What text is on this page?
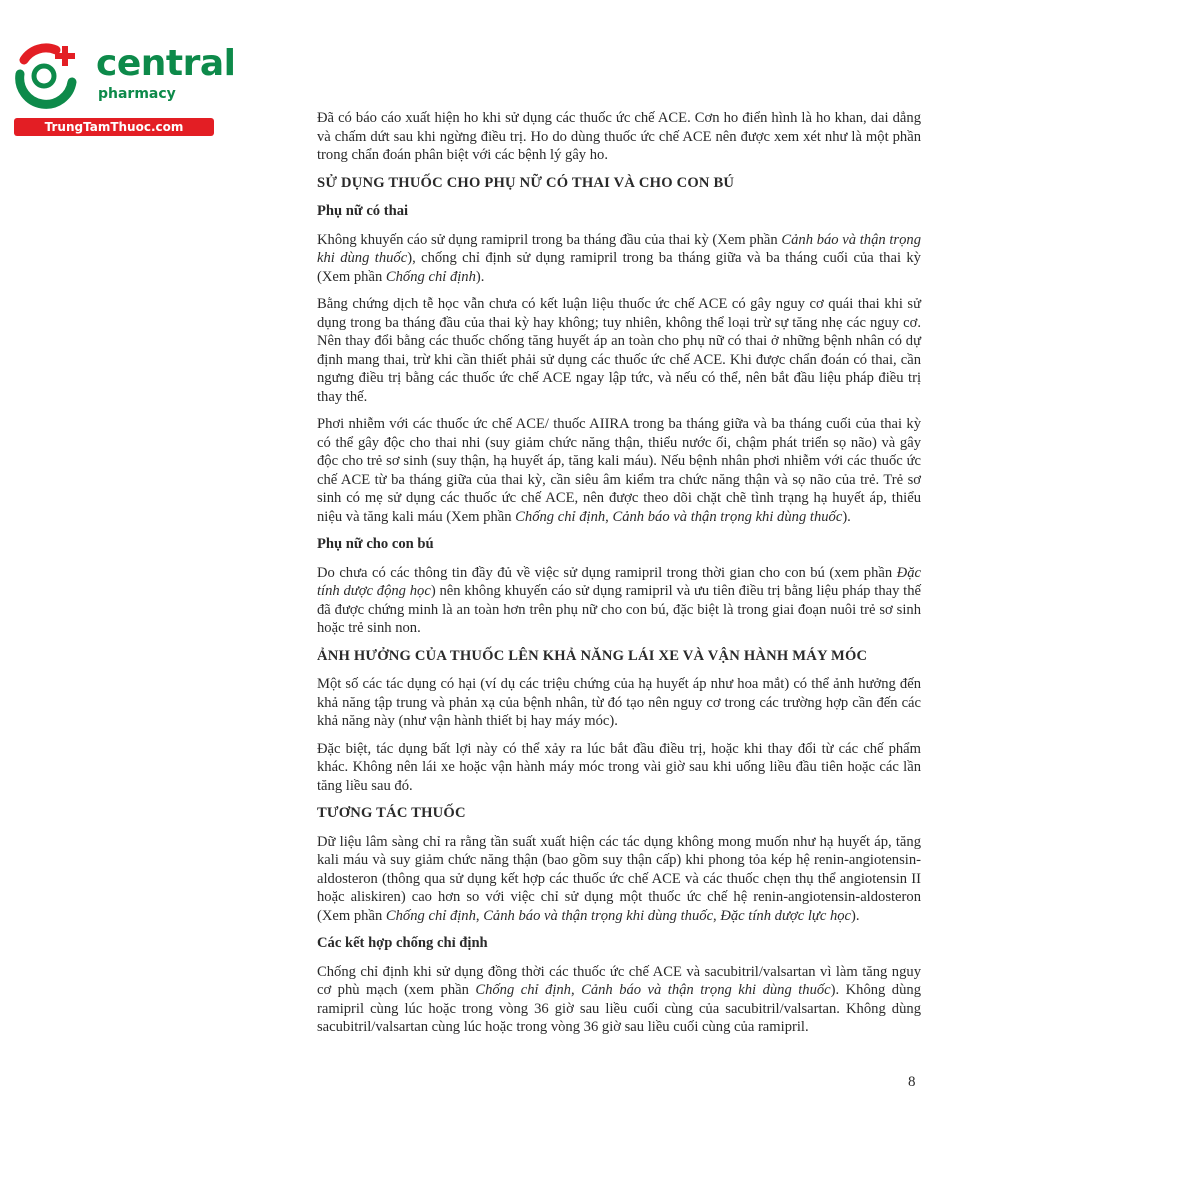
central
pharmacy
TrungTamThuoc.com

Đã có báo cáo xuất hiện ho khi sử dụng các thuốc ức chế ACE. Cơn ho điển hình là ho khan, dai dẳng và chấm dứt sau khi ngừng điều trị. Ho do dùng thuốc ức chế ACE nên được xem xét như là một phần trong chẩn đoán phân biệt với các bệnh lý gây ho.

SỬ DỤNG THUỐC CHO PHỤ NỮ CÓ THAI VÀ CHO CON BÚ
Phụ nữ có thai

Không khuyến cáo sử dụng ramipril trong ba tháng đầu của thai kỳ (Xem phần Cảnh báo và thận trọng khi dùng thuốc), chống chỉ định sử dụng ramipril trong ba tháng giữa và ba tháng cuối của thai kỳ (Xem phần Chống chỉ định).

Bằng chứng dịch tễ học vẫn chưa có kết luận liệu thuốc ức chế ACE có gây nguy cơ quái thai khi sử dụng trong ba tháng đầu của thai kỳ hay không; tuy nhiên, không thể loại trừ sự tăng nhẹ các nguy cơ. Nên thay đổi bằng các thuốc chống tăng huyết áp an toàn cho phụ nữ có thai ở những bệnh nhân có dự định mang thai, trừ khi cần thiết phải sử dụng các thuốc ức chế ACE. Khi được chẩn đoán có thai, cần ngưng điều trị bằng các thuốc ức chế ACE ngay lập tức, và nếu có thể, nên bắt đầu liệu pháp điều trị thay thế.

Phơi nhiễm với các thuốc ức chế ACE/ thuốc AIIRA trong ba tháng giữa và ba tháng cuối của thai kỳ có thể gây độc cho thai nhi (suy giảm chức năng thận, thiểu nước ối, chậm phát triển sọ não) và gây độc cho trẻ sơ sinh (suy thận, hạ huyết áp, tăng kali máu). Nếu bệnh nhân phơi nhiễm với các thuốc ức chế ACE từ ba tháng giữa của thai kỳ, cần siêu âm kiểm tra chức năng thận và sọ não của trẻ. Trẻ sơ sinh có mẹ sử dụng các thuốc ức chế ACE, nên được theo dõi chặt chẽ tình trạng hạ huyết áp, thiểu niệu và tăng kali máu (Xem phần Chống chỉ định, Cảnh báo và thận trọng khi dùng thuốc).

Phụ nữ cho con bú

Do chưa có các thông tin đầy đủ về việc sử dụng ramipril trong thời gian cho con bú (xem phần Đặc tính dược động học) nên không khuyến cáo sử dụng ramipril và ưu tiên điều trị bằng liệu pháp thay thế đã được chứng minh là an toàn hơn trên phụ nữ cho con bú, đặc biệt là trong giai đoạn nuôi trẻ sơ sinh hoặc trẻ sinh non.

ẢNH HƯỞNG CỦA THUỐC LÊN KHẢ NĂNG LÁI XE VÀ VẬN HÀNH MÁY MÓC

Một số các tác dụng có hại (ví dụ các triệu chứng của hạ huyết áp như hoa mắt) có thể ảnh hưởng đến khả năng tập trung và phản xạ của bệnh nhân, từ đó tạo nên nguy cơ trong các trường hợp cần đến các khả năng này (như vận hành thiết bị hay máy móc).

Đặc biệt, tác dụng bất lợi này có thể xảy ra lúc bắt đầu điều trị, hoặc khi thay đổi từ các chế phẩm khác. Không nên lái xe hoặc vận hành máy móc trong vài giờ sau khi uống liều đầu tiên hoặc các lần tăng liều sau đó.

TƯƠNG TÁC THUỐC

Dữ liệu lâm sàng chỉ ra rằng tần suất xuất hiện các tác dụng không mong muốn như hạ huyết áp, tăng kali máu và suy giảm chức năng thận (bao gồm suy thận cấp) khi phong tỏa kép hệ renin-angiotensin-aldosteron (thông qua sử dụng kết hợp các thuốc ức chế ACE và các thuốc chẹn thụ thể angiotensin II hoặc aliskiren) cao hơn so với việc chỉ sử dụng một thuốc ức chế hệ renin-angiotensin-aldosteron (Xem phần Chống chỉ định, Cảnh báo và thận trọng khi dùng thuốc, Đặc tính dược lực học).

Các kết hợp chống chỉ định

Chống chỉ định khi sử dụng đồng thời các thuốc ức chế ACE và sacubitril/valsartan vì làm tăng nguy cơ phù mạch (xem phần Chống chỉ định, Cảnh báo và thận trọng khi dùng thuốc). Không dùng ramipril cùng lúc hoặc trong vòng 36 giờ sau liều cuối cùng của sacubitril/valsartan. Không dùng sacubitril/valsartan cùng lúc hoặc trong vòng 36 giờ sau liều cuối cùng của ramipril.

8
